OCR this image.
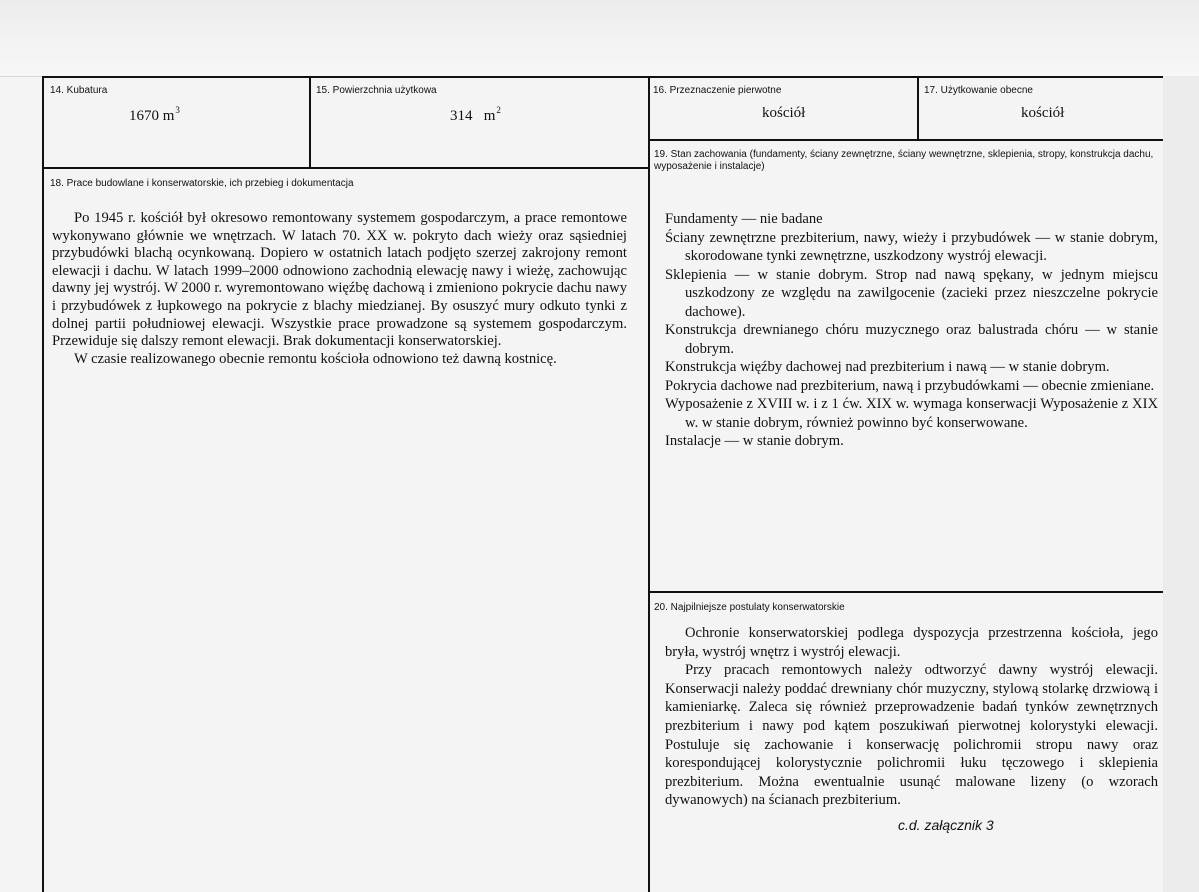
14. Kubatura
1670 $m^3$
15. Powierzchnia użytkowa
314   $m^2$
16. Przeznaczenie pierwotne
kościół
17. Użytkowanie obecne
kościół
18. Prace budowlane i konserwatorskie, ich przebieg i dokumentacja

Po 1945 r. kościół był okresowo remontowany systemem gospodarczym, a prace remontowe wykonywano głównie we wnętrzach. W latach 70. XX w. pokryto dach wieży oraz sąsiedniej przybudówki blachą ocynkowaną. Dopiero w ostatnich latach podjęto szerzej zakrojony remont elewacji i dachu. W latach 1999–2000 odnowiono zachodnią elewację nawy i wieżę, zachowując dawny jej wystrój. W 2000 r. wyremontowano więźbę dachową i zmieniono pokrycie dachu nawy i przybudówek z łupkowego na pokrycie z blachy miedzianej. By osuszyć mury odkuto tynki z dolnej partii południowej elewacji. Wszystkie prace prowadzone są systemem gospodarczym. Przewiduje się dalszy remont elewacji. Brak dokumentacji konserwatorskiej.

W czasie realizowanego obecnie remontu kościoła odnowiono też dawną kostnicę.

19. Stan zachowania (fundamenty, ściany zewnętrzne, ściany wewnętrzne, sklepienia, stropy, konstrukcja dachu, wyposażenie i instalacje)
Fundamenty — nie badane
Ściany zewnętrzne prezbiterium, nawy, wieży i przybudówek — w stanie dobrym, skorodowane tynki zewnętrzne, uszkodzony wystrój elewacji.
Sklepienia — w stanie dobrym. Strop nad nawą spękany, w jednym miejscu uszkodzony ze względu na zawilgocenie (zacieki przez nieszczelne pokrycie dachowe).
Konstrukcja drewnianego chóru muzycznego oraz balustrada chóru — w stanie dobrym.
Konstrukcja więźby dachowej nad prezbiterium i nawą — w stanie dobrym.
Pokrycia dachowe nad prezbiterium, nawą i przybudówkami — obecnie zmieniane.
Wyposażenie z XVIII w. i z 1 ćw. XIX w. wymaga konserwacji Wyposażenie z XIX w. w stanie dobrym, również powinno być konserwowane.
Instalacje — w stanie dobrym.
20. Najpilniejsze postulaty konserwatorskie

Ochronie konserwatorskiej podlega dyspozycja przestrzenna kościoła, jego bryła, wystrój wnętrz i wystrój elewacji.

Przy pracach remontowych należy odtworzyć dawny wystrój elewacji. Konserwacji należy poddać drewniany chór muzyczny, stylową stolarkę drzwiową i kamieniarkę. Zaleca się również przeprowadzenie badań tynków zewnętrznych prezbiterium i nawy pod kątem poszukiwań pierwotnej kolorystyki elewacji. Postuluje się zachowanie i konserwację polichromii stropu nawy oraz korespondującej kolorystycznie polichromii łuku tęczowego i sklepienia prezbiterium. Można ewentualnie usunąć malowane lizeny (o wzorach dywanowych) na ścianach prezbiterium.

c.d. załącznik 3
